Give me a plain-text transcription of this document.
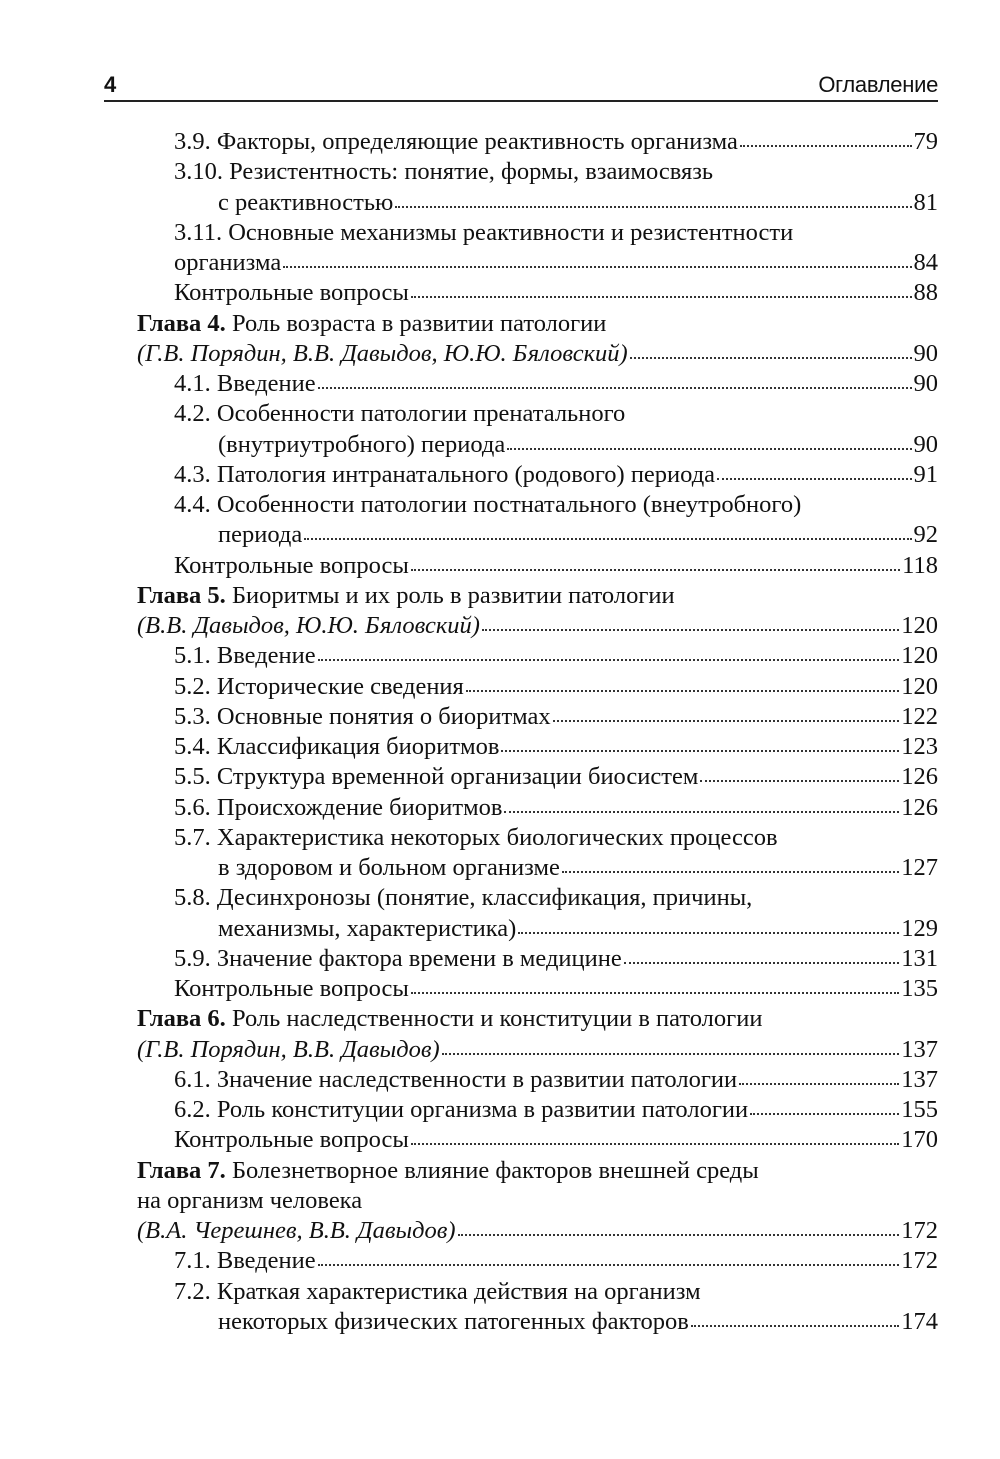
4	Оглавление
3.9. Факторы, определяющие реактивность организма	79
3.10. Резистентность: понятие, формы, взаимосвязь
с реактивностью	81
3.11. Основные механизмы реактивности и резистентности
организма	84
Контрольные вопросы	88
Глава 4. Роль возраста в развитии патологии
(Г.В. Порядин, В.В. Давыдов, Ю.Ю. Бяловский)	90
4.1. Введение	90
4.2. Особенности патологии пренатального
(внутриутробного) периода	90
4.3. Патология интранатального (родового) периода	91
4.4. Особенности патологии постнатального (внеутробного)
периода	92
Контрольные вопросы	118
Глава 5. Биоритмы и их роль в развитии патологии
(В.В. Давыдов, Ю.Ю. Бяловский)	120
5.1. Введение	120
5.2. Исторические сведения	120
5.3. Основные понятия о биоритмах	122
5.4. Классификация биоритмов	123
5.5. Структура временной организации биосистем	126
5.6. Происхождение биоритмов	126
5.7. Характеристика некоторых биологических процессов
в здоровом и больном организме	127
5.8. Десинхронозы (понятие, классификация, причины,
механизмы, характеристика)	129
5.9. Значение фактора времени в медицине	131
Контрольные вопросы	135
Глава 6. Роль наследственности и конституции в патологии
(Г.В. Порядин, В.В. Давыдов)	137
6.1. Значение наследственности в развитии патологии	137
6.2. Роль конституции организма в развитии патологии	155
Контрольные вопросы	170
Глава 7. Болезнетворное влияние факторов внешней среды
на организм человека
(В.А. Черешнев, В.В. Давыдов)	172
7.1. Введение	172
7.2. Краткая характеристика действия на организм
некоторых физических патогенных факторов	174
